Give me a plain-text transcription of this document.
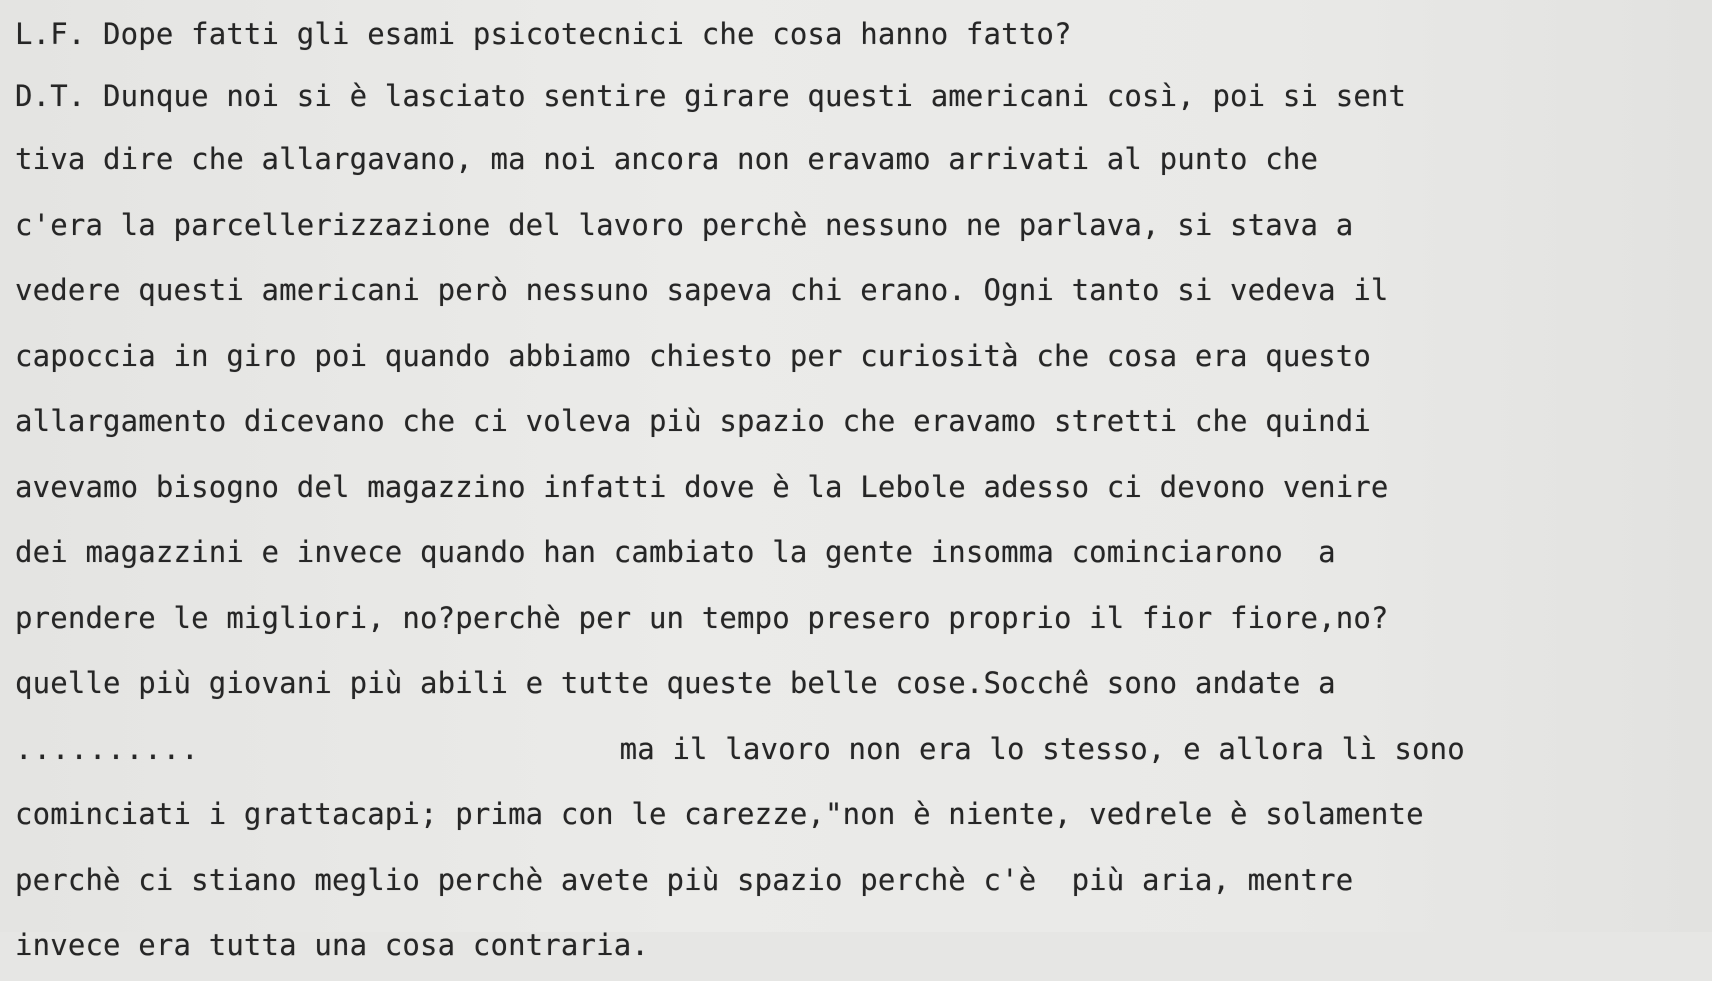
L.F. Dope fatti gli esami psicotecnici che cosa hanno fatto?
D.T. Dunque noi si è lasciato sentire girare questi americani così, poi si sent
tiva dire che allargavano, ma noi ancora non eravamo arrivati al punto che
c'era la parcellerizzazione del lavoro perchè nessuno ne parlava, si stava a
vedere questi americani però nessuno sapeva chi erano. Ogni tanto si vedeva il
capoccia in giro poi quando abbiamo chiesto per curiosità che cosa era questo
allargamento dicevano che ci voleva più spazio che eravamo stretti che quindi
avevamo bisogno del magazzino infatti dove è la Lebole adesso ci devono venire
dei magazzini e invece quando han cambiato la gente insomma cominciarono  a
prendere le migliori, no?perchè per un tempo presero proprio il fior fiore,no?
quelle più giovani più abili e tutte queste belle cose.Socchê sono andate a
..........	ma il lavoro non era lo stesso, e allora lì sono
cominciati i grattacapi; prima con le carezze,"non è niente, vedrele è solamente
perchè ci stiano meglio perchè avete più spazio perchè c'è  più aria, mentre
invece era tutta una cosa contraria.
